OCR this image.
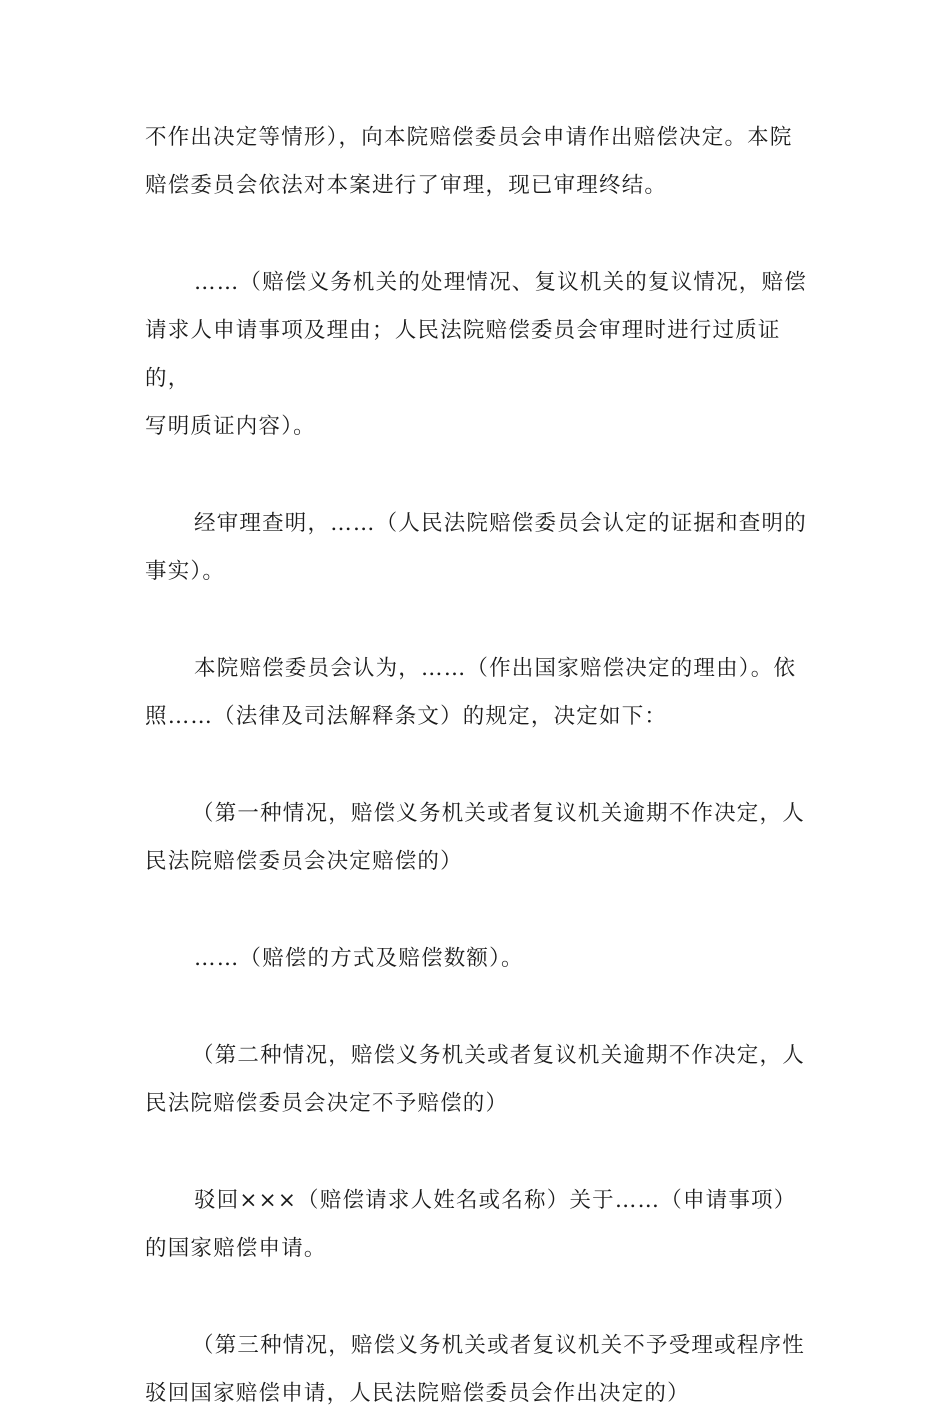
不作出决定等情形），向本院赔偿委员会申请作出赔偿决定。本院
赔偿委员会依法对本案进行了审理，现已审理终结。
……（赔偿义务机关的处理情况、复议机关的复议情况，赔偿
请求人申请事项及理由；人民法院赔偿委员会审理时进行过质证的，
写明质证内容）。
经审理查明，……（人民法院赔偿委员会认定的证据和查明的
事实）。
本院赔偿委员会认为，……（作出国家赔偿决定的理由）。依
照……（法律及司法解释条文）的规定，决定如下：
（第一种情况，赔偿义务机关或者复议机关逾期不作决定，人
民法院赔偿委员会决定赔偿的）
……（赔偿的方式及赔偿数额）。
（第二种情况，赔偿义务机关或者复议机关逾期不作决定，人
民法院赔偿委员会决定不予赔偿的）
驳回×××（赔偿请求人姓名或名称）关于……（申请事项）
的国家赔偿申请。
（第三种情况，赔偿义务机关或者复议机关不予受理或程序性
驳回国家赔偿申请，人民法院赔偿委员会作出决定的）
